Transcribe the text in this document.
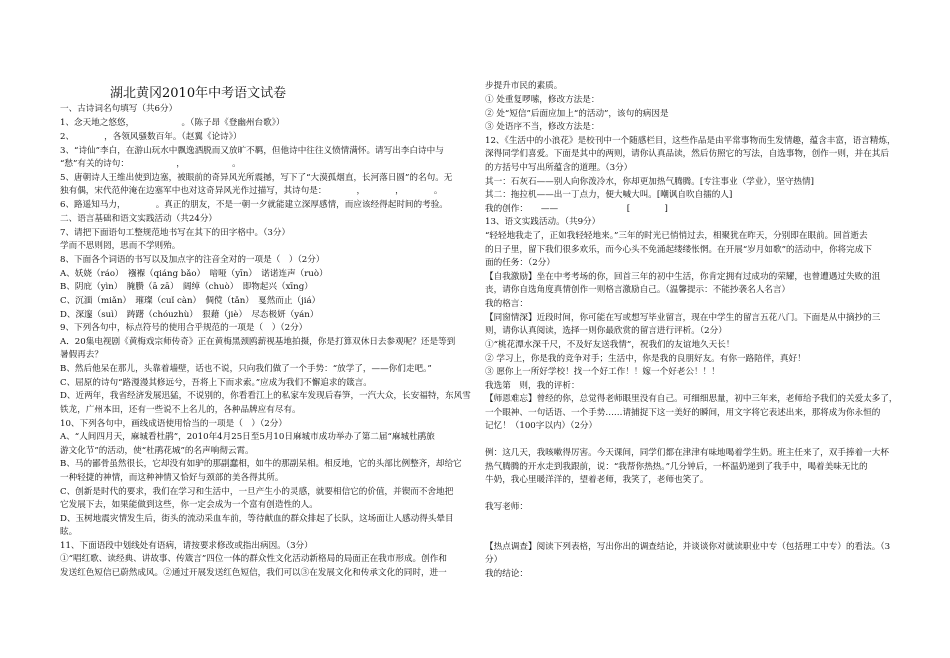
湖北黄冈2010年中考语文试卷
一、古诗词名句填写（共6分）
1、念天地之悠悠，　　　　　　。（陈子昂《登幽州台歌》）
2、　　　　，各领风骚数百年。（赵翼《论诗》）
3、“诗仙”李白，在游山玩水中飘逸洒脱而又放旷不羁，但他诗中往往义愤情满怀。请写出李白诗中与
“愁”有关的诗句：　　　　　　，　　　　　　。
5、唐朝诗人王维出使到边塞，被眼前的奇异风光所震撼，写下了“大漠孤烟直，长河落日圆”的名句。无
独有偶，宋代范仲淹在边塞军中也对这奇异风光作过描写，其诗句是：　　　　，　　　　，　　　　。
6、路遥知马力，　　　　。真正的朋友，不是一朝一夕就能建立深厚感情，而应该经得起时间的考验。
二、语言基础和语文实践活动（共24分）
7、请把下面语句工整规范地书写在其下的田字格中。（3分）
学而不思则罔，思而不学则殆。
8、下面各个词语的书写以及加点字的注音全对的一项是（　）（2分）
A、妖娆（ráo）　襁褓（qiáng bǎo）　喑哑（yīn）　诺诺连声（ruò）
B、阴庇（yìn）　腌臜（ā zā）　阔绰（chuò）　即物起兴（xīng）
C、沉湎（miǎn）　璀璨（cuǐ càn）　倜傥（tǎn）　戛然而止（jiá）
D、深邃（suì）　踌躇（chóuzhù）　狠藉（jiè）　尽态极妍（yán）
9、下列各句中，标点符号的使用合乎规范的一项是（　）（2分）
A．20集电视剧《黄梅戏宗师传奇》正在黄梅黑颈鸥薪视基地拍摄，你是打算双休日去参观呢？还是等到
暑假再去？
B、然后他呆在那儿，头靠着墙壁，话也不说，只向我们做了一个手势：“放学了，——你们走吧。”
C、屈原的诗句“路漫漫其修远兮，吾将上下而求索。”应成为我们不懈追求的箴言。
D、近两年，我省经济发展迅猛，不说别的，你看看江上的私家车发现后春笋，一汽大众，长安福特，东风雪
铁龙，广州本田，还有一些说不上名儿的，各种品牌应有尽有。
10、下列各句中，画线成语使用恰当的一项是（　）（2分）
A、“人间四月天，麻城看杜鹃”，2010年4月25日至5月10日麻城市成功举办了第二届“麻城杜鹃旅
游文化节”的活动，使“杜鹃花城”的名声响彻云霄。
B、马的鄙骨虽然很长，它却没有如驴的那副蠢相，如牛的那副呆相。相反地，它的头部比例整齐，却给它
一种轻捷的神情，而这种神情又恰好与颈部的美各得其所。
C、创新是时代的要求，我们在学习和生活中，一旦产生小的灵感，就要相信它的价值，并锲而不舍地把
它发展下去，如果能做到这些，你一定会成为一个富有创造性的人。
D、玉树地震灾情发生后，街头的流动采血车前，等待献血的群众排起了长队，这场面让人感动得头晕目
眩。
11、下面语段中划线处有语病，请按要求修改或指出病因。（3分）
①“唱红歌、读经典、讲故事、传箴言”四位一体的群众性文化活动新格局的局面正在我市形成。创作和
发送红色短信已蔚然成风。②通过开展发送红色短信，我们可以③在发展文化和传承文化的同时，进一
步提升市民的素质。
① 处重复啰嗦，修改方法是：
② 处“短信”后面应加上“的活动”，该句的病因是
③ 处语序不当，修改方法是：
12、《生活中的小浪花》是校刊中一个随感栏目，这些作品是由平常事物而生发情趣，蕴含丰富，语言精炼，
深得同学们喜爱。下面是其中的两则，请你认真品读，然后仿照它的写法，自选事物，创作一则，并在其后
的方括号中写出所蕴含的道理。（3分）
其一：石灰石——别人向你泼冷水，你却更加热气腾腾。[专注事业（学业），坚守热情]
其二：拖拉机——出一丁点力，便大喊大叫。[嘲讽自吹自擂的人]
我的创作：　　——　　　　　　　　[　　　　]
13、语文实践活动。（共9分）
“轻轻地我走了，正如我轻轻地来。”三年的时光已悄悄过去，相聚犹在昨天，分别即在眼前。回首逝去
的日子里，留下我们很多欢乐，而今心头不免涌起缕缕怅惘。在开展“岁月如歌”的活动中，你将完成下
面的任务：（2分）
【自我激励】坐在中考考场的你，回首三年的初中生活，你肯定拥有过成功的荣耀，也曾遭遇过失败的沮
丧，请你自选角度真情创作一则格言激励自己。（温馨提示：不能抄袭名人名言）
我的格言：
【同窗情深】近段时间，你可能在写或想写毕业留言，现在中学生的留言五花八门。下面是从中摘抄的三
则，请你认真阅读，选择一则你最欣赏的留言进行评析。（2分）
①“桃花潭水深千尺，不及好友送我情”，祝我们的友谊地久天长！
② 学习上，你是我的竞争对手；生活中，你是我的良朋好友。有你一路陪伴，真好！
③ 愿你上一所好学校！找一个好工作！！嫁一个好老公！！！
我选第　则，我的评析：
【师恩难忘】曾经的你，总觉得老师眼里没有自己。可细细思量，初中三年来，老师给予我们的关爱太多了，
一个眼神、一句话语、一个手势……请捕捉下这一美好的瞬间，用文字将它表述出来，那将成为你永恒的
记忆！（100字以内）（2分）
例：这几天，我咳嗽得厉害。今天课间，同学们都在津津有味地喝着学生奶。班主任来了，双手捧着一大杯
热气腾腾的开水走到我跟前，说：“我帮你热热。”几分钟后，一杯温奶递到了我手中，喝着美味无比的
牛奶，我心里暖洋洋的，望着老师，我笑了，老师也笑了。
我写老师：
【热点调查】阅读下列表格，写出你出的调查结论，并谈谈你对就读职业中专（包括理工中专）的看法。（3
分）
我的结论：
